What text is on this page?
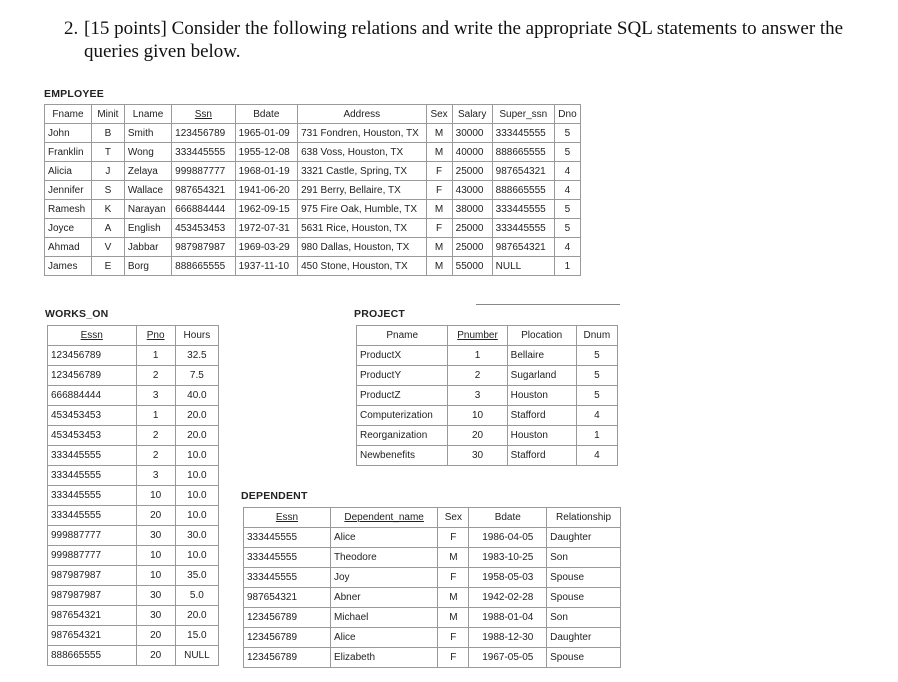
2. [15 points] Consider the following relations and write the appropriate SQL statements to answer the queries given below.
EMPLOYEE
Fname	Minit	Lname	Ssn	Bdate	Address	Sex	Salary	Super_ssn	Dno
John	B	Smith	123456789	1965-01-09	731 Fondren, Houston, TX	M	30000	333445555	5
Franklin	T	Wong	333445555	1955-12-08	638 Voss, Houston, TX	M	40000	888665555	5
Alicia	J	Zelaya	999887777	1968-01-19	3321 Castle, Spring, TX	F	25000	987654321	4
Jennifer	S	Wallace	987654321	1941-06-20	291 Berry, Bellaire, TX	F	43000	888665555	4
Ramesh	K	Narayan	666884444	1962-09-15	975 Fire Oak, Humble, TX	M	38000	333445555	5
Joyce	A	English	453453453	1972-07-31	5631 Rice, Houston, TX	F	25000	333445555	5
Ahmad	V	Jabbar	987987987	1969-03-29	980 Dallas, Houston, TX	M	25000	987654321	4
James	E	Borg	888665555	1937-11-10	450 Stone, Houston, TX	M	55000	NULL	1
WORKS_ON
Essn	Pno	Hours
123456789	1	32.5
123456789	2	7.5
666884444	3	40.0
453453453	1	20.0
453453453	2	20.0
333445555	2	10.0
333445555	3	10.0
333445555	10	10.0
333445555	20	10.0
999887777	30	30.0
999887777	10	10.0
987987987	10	35.0
987987987	30	5.0
987654321	30	20.0
987654321	20	15.0
888665555	20	NULL
PROJECT
Pname	Pnumber	Plocation	Dnum
ProductX	1	Bellaire	5
ProductY	2	Sugarland	5
ProductZ	3	Houston	5
Computerization	10	Stafford	4
Reorganization	20	Houston	1
Newbenefits	30	Stafford	4
DEPENDENT
Essn	Dependent_name	Sex	Bdate	Relationship
333445555	Alice	F	1986-04-05	Daughter
333445555	Theodore	M	1983-10-25	Son
333445555	Joy	F	1958-05-03	Spouse
987654321	Abner	M	1942-02-28	Spouse
123456789	Michael	M	1988-01-04	Son
123456789	Alice	F	1988-12-30	Daughter
123456789	Elizabeth	F	1967-05-05	Spouse
